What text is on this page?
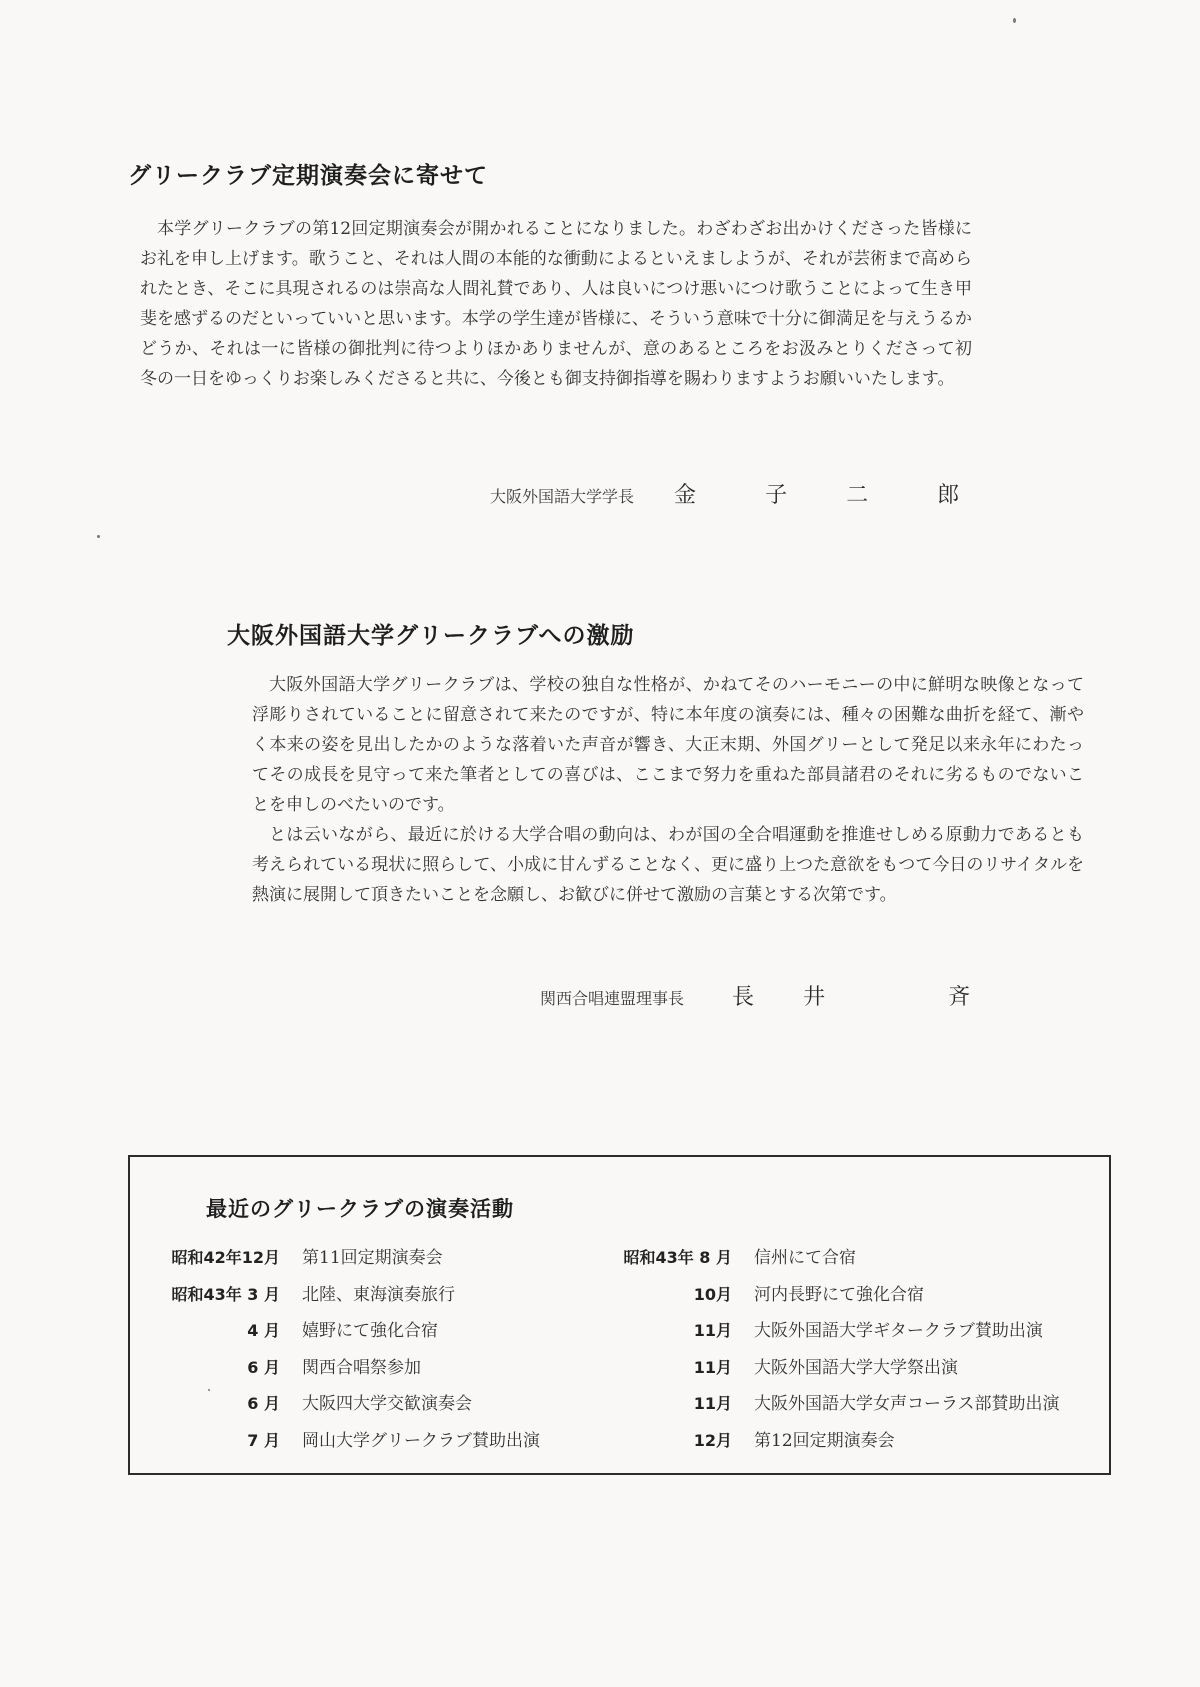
グリークラブ定期演奏会に寄せて

本学グリークラブの第12回定期演奏会が開かれることになりました。わざわざお出かけくださった皆様にお礼を申し上げます。歌うこと、それは人間の本能的な衝動によるといえましようが、それが芸術まで高められたとき、そこに具現されるのは崇高な人間礼賛であり、人は良いにつけ悪いにつけ歌うことによって生き甲斐を感ずるのだといっていいと思います。本学の学生達が皆様に、そういう意味で十分に御満足を与えうるかどうか、それは一に皆様の御批判に待つよりほかありませんが、意のあるところをお汲みとりくださって初冬の一日をゆっくりお楽しみくださると共に、今後とも御支持御指導を賜わりますようお願いいたします。

大阪外国語大学学長 金	子	二	郎
大阪外国語大学グリークラブへの激励

大阪外国語大学グリークラブは、学校の独自な性格が、かねてそのハーモニーの中に鮮明な映像となって浮彫りされていることに留意されて来たのですが、特に本年度の演奏には、種々の困難な曲折を経て、漸やく本来の姿を見出したかのような落着いた声音が響き、大正末期、外国グリーとして発足以来永年にわたってその成長を見守って来た筆者としての喜びは、ここまで努力を重ねた部員諸君のそれに劣るものでないことを申しのべたいのです。

とは云いながら、最近に於ける大学合唱の動向は、わが国の全合唱運動を推進せしめる原動力であるとも考えられている現状に照らして、小成に甘んずることなく、更に盛り上つた意欲をもつて今日のリサイタルを熱演に展開して頂きたいことを念願し、お歓びに併せて激励の言葉とする次第です。

関西合唱連盟理事長 長 井	斉
最近のグリークラブの演奏活動
昭和42年12月 第11回定期演奏会
昭和43年 3 月 北陸、東海演奏旅行
4 月 嬉野にて強化合宿
6 月 関西合唱祭参加
6 月 大阪四大学交歓演奏会
7 月 岡山大学グリークラブ賛助出演
昭和43年 8 月 信州にて合宿
10月 河内長野にて強化合宿
11月 大阪外国語大学ギタークラブ賛助出演
11月 大阪外国語大学大学祭出演
11月 大阪外国語大学女声コーラス部賛助出演
12月 第12回定期演奏会
